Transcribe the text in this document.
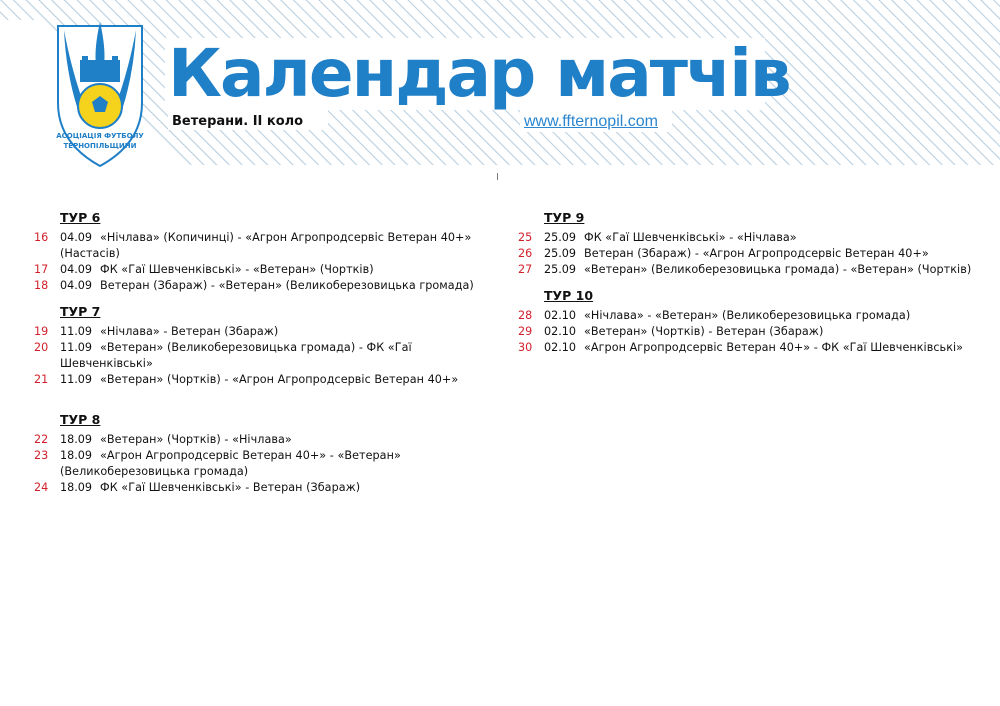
АСОЦІАЦІЯ ФУТБОЛУ
ТЕРНОПІЛЬЩИНИ
Календар матчів
Ветерани. ІІ коло	www.ffternopil.com
ТУР 6
16	04.09 «Нічлава» (Копичинці) - «Агрон Агропродсервіс Ветеран 40+»
(Настасів)
17	04.09 ФК «Гаї Шевченківські» - «Ветеран» (Чортків)
18	04.09 Ветеран (Збараж) - «Ветеран» (Великоберезовицька громада)
ТУР 7
19	11.09 «Нічлава» - Ветеран (Збараж)
20	11.09 «Ветеран» (Великоберезовицька громада) - ФК «Гаї Шевченківські»
21	11.09 «Ветеран» (Чортків) - «Агрон Агропродсервіс Ветеран 40+»
ТУР 8
22	18.09 «Ветеран» (Чортків) - «Нічлава»
23	18.09 «Агрон Агропродсервіс Ветеран 40+» - «Ветеран»
(Великоберезовицька громада)
24	18.09 ФК «Гаї Шевченківські» - Ветеран (Збараж)
ТУР 9
25	25.09 ФК «Гаї Шевченківські» - «Нічлава»
26	25.09 Ветеран (Збараж) - «Агрон Агропродсервіс Ветеран 40+»
27	25.09 «Ветеран» (Великоберезовицька громада) - «Ветеран» (Чортків)
ТУР 10
28	02.10 «Нічлава» - «Ветеран» (Великоберезовицька громада)
29	02.10 «Ветеран» (Чортків) - Ветеран (Збараж)
30	02.10 «Агрон Агропродсервіс Ветеран 40+» - ФК «Гаї Шевченківські»
